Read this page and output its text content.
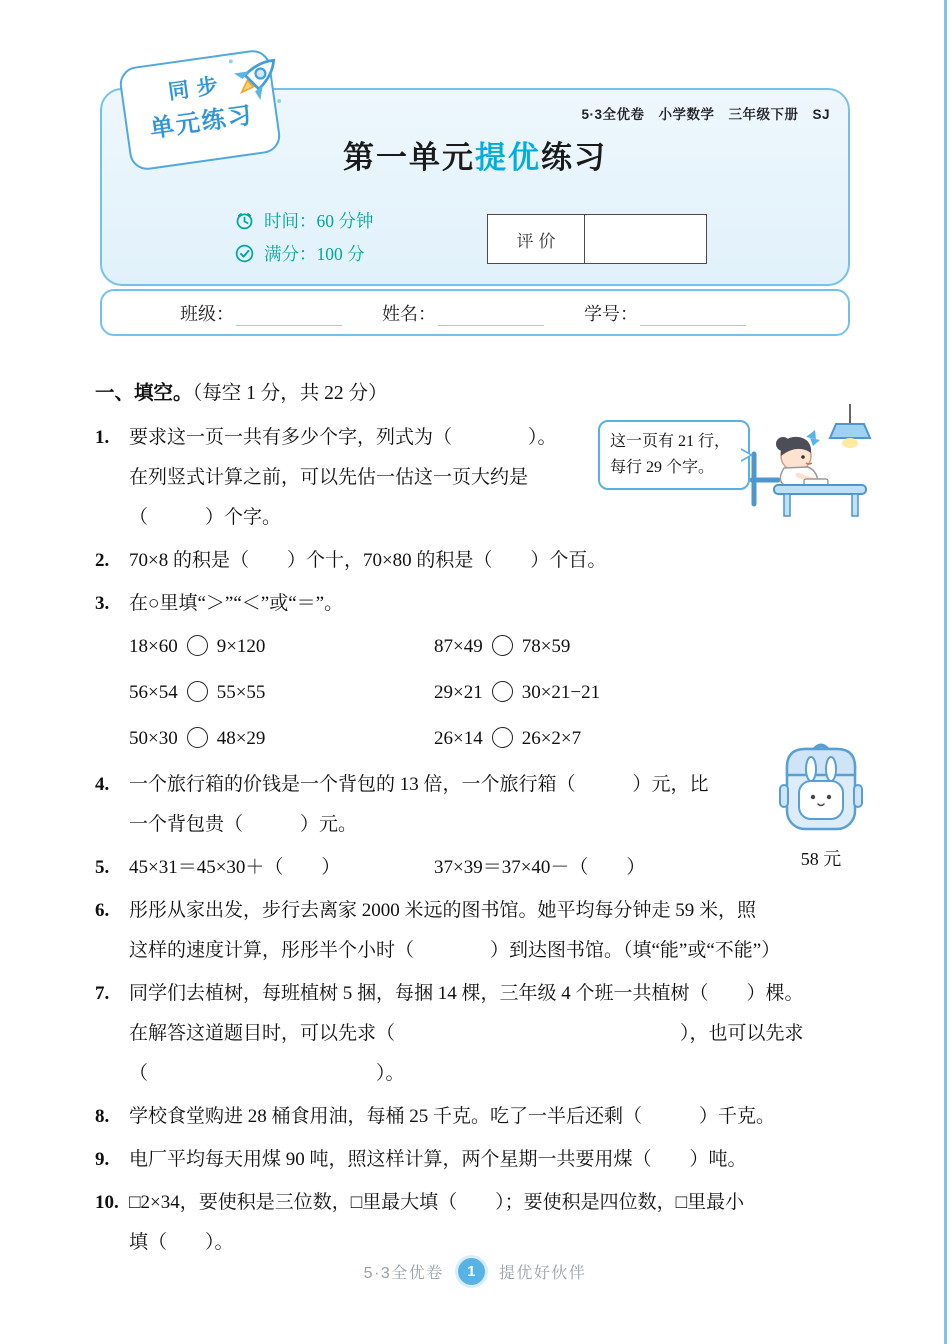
5·3全优卷　小学数学　三年级下册　SJ
第一单元提优练习
时间：60 分钟
满分：100 分
评价
同步
单元练习
班级：	姓名：	学号：
一、填空。（每空 1 分，共 22 分）
1.	要求这一页一共有多少个字，列式为（　　　　）。
在列竖式计算之前，可以先估一估这一页大约是
（　　　）个字。
这一页有 21 行，
每行 29 个字。
2.	70×8 的积是（　　）个十，70×80 的积是（　　）个百。
3.	在○里填“＞”“＜”或“＝”。
18×60 9×120	87×49 78×59
56×54 55×55	29×21 30×21−21
50×30 48×29	26×14 26×2×7
4.	一个旅行箱的价钱是一个背包的 13 倍，一个旅行箱（　　　）元，比
一个背包贵（　　　）元。
58 元
5.	45×31＝45×30＋（　　）	37×39＝37×40－（　　）
6.	彤彤从家出发，步行去离家 2000 米远的图书馆。她平均每分钟走 59 米，照
这样的速度计算，彤彤半个小时（　　　　）到达图书馆。（填“能”或“不能”）
7.	同学们去植树，每班植树 5 捆，每捆 14 棵，三年级 4 个班一共植树（　　）棵。
在解答这道题目时，可以先求（　　　　　　　　　　　　　　　），也可以先求
（　　　　　　　　　　　　）。
8.	学校食堂购进 28 桶食用油，每桶 25 千克。吃了一半后还剩（　　　）千克。
9.	电厂平均每天用煤 90 吨，照这样计算，两个星期一共要用煤（　　）吨。
10. □2×34，要使积是三位数，□里最大填（　　）；要使积是四位数，□里最小
填（　　）。
5·3全优卷	1	提优好伙伴
